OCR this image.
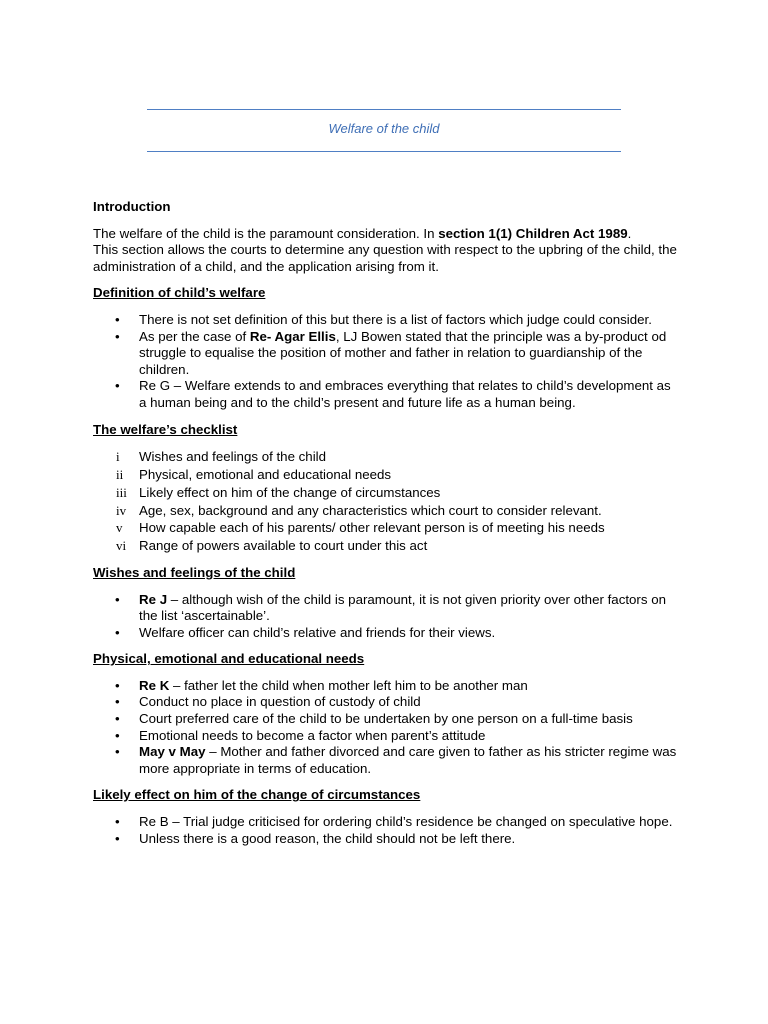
Welfare of the child

Introduction

The welfare of the child is the paramount consideration. In section 1(1) Children Act 1989.

This section allows the courts to determine any question with respect to the upbring of the child, the administration of a child, and the application arising from it.

Definition of child’s welfare

• There is not set definition of this but there is a list of factors which judge could consider.
• As per the case of Re- Agar Ellis, LJ Bowen stated that the principle was a by-product od struggle to equalise the position of mother and father in relation to guardianship of the children.
• Re G – Welfare extends to and embraces everything that relates to child’s development as a human being and to the child’s present and future life as a human being.

The welfare’s checklist

i Wishes and feelings of the child
ii Physical, emotional and educational needs
iii Likely effect on him of the change of circumstances
iv Age, sex, background and any characteristics which court to consider relevant.
v How capable each of his parents/ other relevant person is of meeting his needs
vi Range of powers available to court under this act

Wishes and feelings of the child

• Re J – although wish of the child is paramount, it is not given priority over other factors on the list ‘ascertainable’.
• Welfare officer can child’s relative and friends for their views.

Physical, emotional and educational needs

• Re K – father let the child when mother left him to be another man
• Conduct no place in question of custody of child
• Court preferred care of the child to be undertaken by one person on a full-time basis
• Emotional needs to become a factor when parent’s attitude
• May v May – Mother and father divorced and care given to father as his stricter regime was more appropriate in terms of education.

Likely effect on him of the change of circumstances

• Re B – Trial judge criticised for ordering child’s residence be changed on speculative hope.
• Unless there is a good reason, the child should not be left there.
